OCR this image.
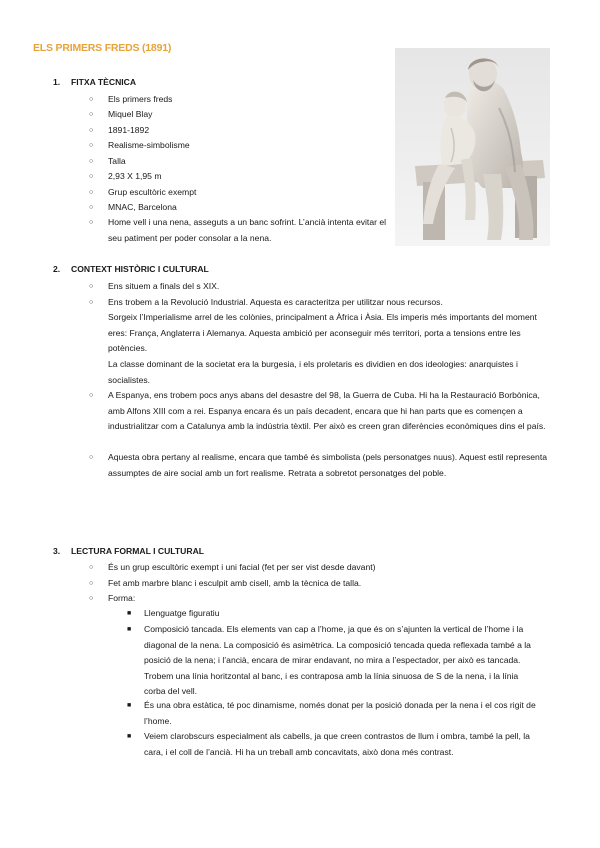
ELS PRIMERS FREDS (1891)
1. FITXA TÈCNICA
○ Els primers freds
○ Miquel Blay
○ 1891-1892
○ Realisme-simbolisme
○ Talla
○ 2,93 X 1,95 m
○ Grup escultòric exempt
○ MNAC, Barcelona
○ Home vell i una nena, asseguts a un banc sofrint. L’ancià intenta evitar el seu patiment per poder consolar a la nena.
2. CONTEXT HISTÒRIC I CULTURAL
○ Ens situem a finals del s XIX.
○ Ens trobem a la Revolució Industrial. Aquesta es caracteritza per utilitzar nous recursos.
Sorgeix l’Imperialisme arrel de les colònies, principalment a Àfrica i Àsia. Els imperis més importants del moment eres: França, Anglaterra i Alemanya. Aquesta ambició per aconseguir més territori, porta a tensions entre les potències.
La classe dominant de la societat era la burgesia, i els proletaris es dividien en dos ideologies: anarquistes i socialistes.
○ A Espanya, ens trobem pocs anys abans del desastre del 98, la Guerra de Cuba. Hi ha la Restauració Borbònica, amb Alfons XIII com a rei. Espanya encara és un país decadent, encara que hi han parts que es començen a industrialitzar com a Catalunya amb la indústria tèxtil. Per això es creen gran diferències econòmiques dins el país.
○ Aquesta obra pertany al realisme, encara que també és simbolista (pels personatges nuus). Aquest estil representa assumptes de aire social amb un fort realisme. Retrata a sobretot personatges del poble.
3. LECTURA FORMAL I CULTURAL
○ És un grup escultòric exempt i uni facial (fet per ser vist desde davant)
○ Fet amb marbre blanc i esculpit amb cisell, amb la tècnica de talla.
○ Forma:
■ Llenguatge figuratiu
■ Composició tancada. Els elements van cap a l’home, ja que és on s’ajunten la vertical de l’home i la diagonal de la nena. La composició és asimètrica. La composició tencada queda reflexada també a la posició de la nena; i l’ancià, encara de mirar endavant, no mira a l’espectador, per això es tancada. Trobem una línia horitzontal al banc, i es contraposa amb la línia sinuosa de S de la nena, i la línia corba del vell.
■ És una obra estàtica, té poc dinamisme, només donat per la posició donada per la nena i el cos rigit de l’home.
■ Veiem clarobscurs especialment als cabells, ja que creen contrastos de llum i ombra, també la pell, la cara, i el coll de l’ancià. Hi ha un treball amb concavitats, això dona més contrast.
